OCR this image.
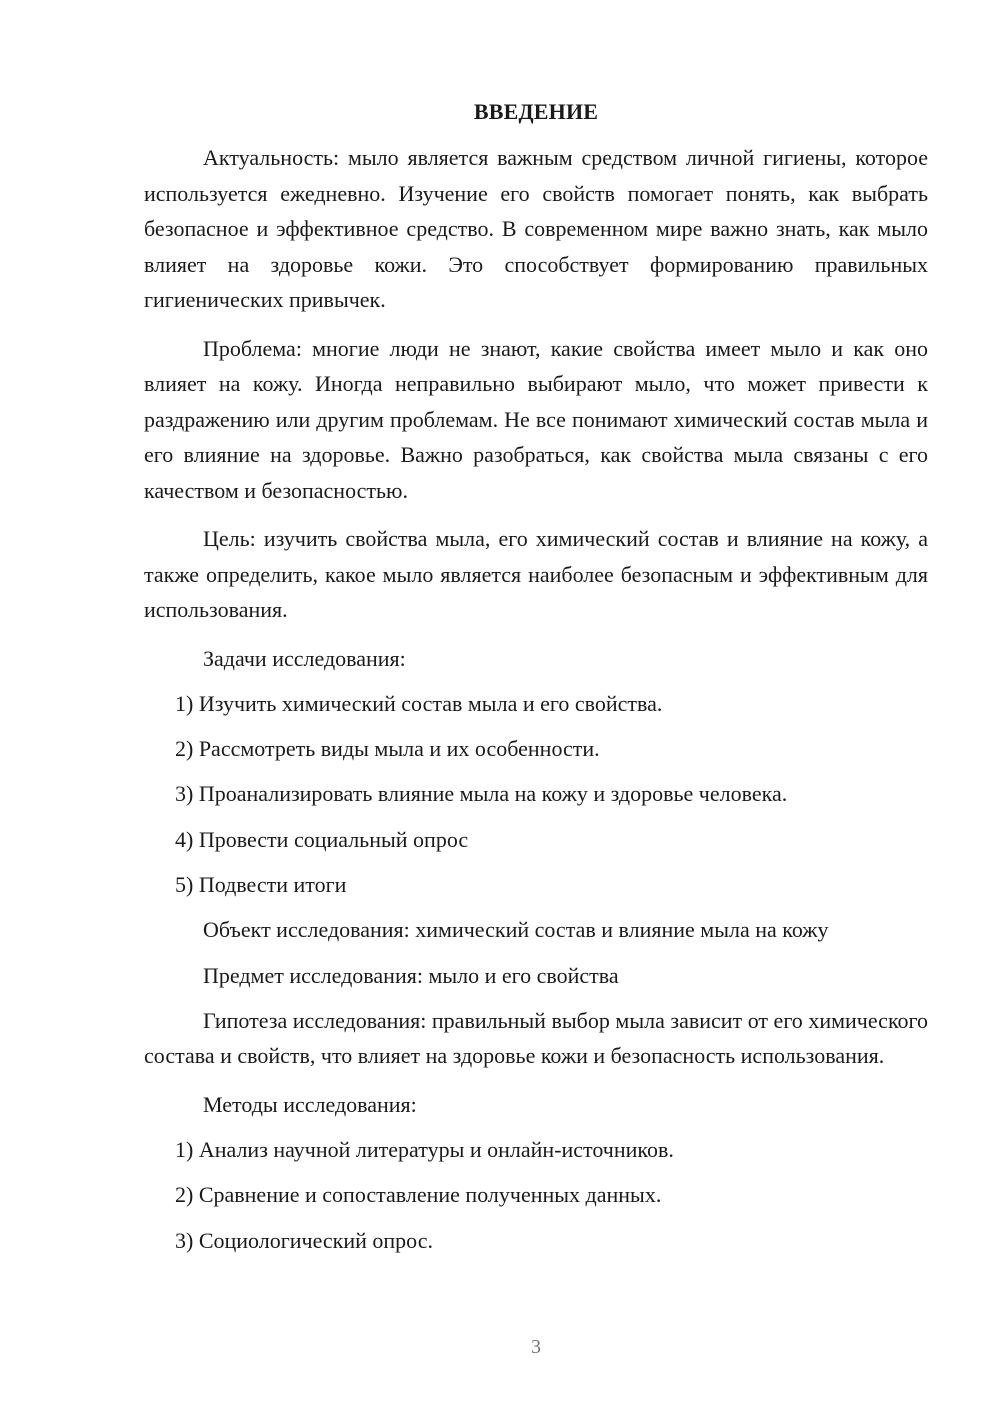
ВВЕДЕНИЕ

Актуальность: мыло является важным средством личной гигиены, которое используется ежедневно. Изучение его свойств помогает понять, как выбрать безопасное и эффективное средство. В современном мире важно знать, как мыло влияет на здоровье кожи. Это способствует формированию правильных гигиенических привычек.

Проблема: многие люди не знают, какие свойства имеет мыло и как оно влияет на кожу. Иногда неправильно выбирают мыло, что может привести к раздражению или другим проблемам. Не все понимают химический состав мыла и его влияние на здоровье. Важно разобраться, как свойства мыла связаны с его качеством и безопасностью.

Цель: изучить свойства мыла, его химический состав и влияние на кожу, а также определить, какое мыло является наиболее безопасным и эффективным для использования.

Задачи исследования:

1) Изучить химический состав мыла и его свойства.
2) Рассмотреть виды мыла и их особенности.
3) Проанализировать влияние мыла на кожу и здоровье человека.
4) Провести социальный опрос
5) Подвести итоги

Объект исследования: химический состав и влияние мыла на кожу

Предмет исследования: мыло и его свойства

Гипотеза исследования: правильный выбор мыла зависит от его химического состава и свойств, что влияет на здоровье кожи и безопасность использования.

Методы исследования:

1) Анализ научной литературы и онлайн-источников.
2) Сравнение и сопоставление полученных данных.
3) Социологический опрос.
3
